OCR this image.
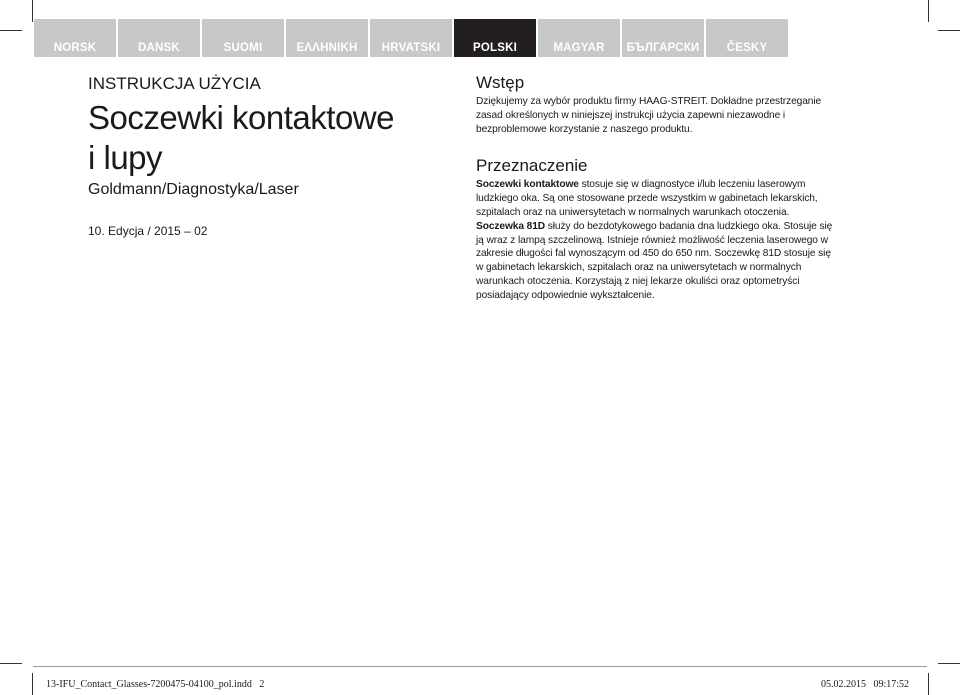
NORSK	DANSK	SUOMI	ΕΛΛΗΝΙΚΗ	HRVATSKI	POLSKI	MAGYAR	БЪЛГАРСКИ	ČESKY

INSTRUKCJA UŻYCIA

Soczewki kontaktowe
i lupy

Goldmann/Diagnostyka/Laser

10. Edycja / 2015 – 02
Wstęp

Dziękujemy za wybór produktu firmy HAAG-STREIT. Dokładne przestrzeganie zasad określonych w niniejszej instrukcji użycia zapewni niezawodne i bezproblemowe korzystanie z naszego produktu.

Przeznaczenie

Soczewki kontaktowe stosuje się w diagnostyce i/lub leczeniu laserowym ludzkiego oka. Są one stosowane przede wszystkim w gabinetach lekarskich, szpitalach oraz na uniwersytetach w normalnych warunkach otoczenia.

Soczewka 81D służy do bezdotykowego badania dna ludzkiego oka. Stosuje się ją wraz z lampą szczelinową. Istnieje również możliwość leczenia laserowego w zakresie długości fal wynoszącym od 450 do 650 nm. Soczewkę 81D stosuje się w gabinetach lekarskich, szpitalach oraz na uniwersytetach w normalnych warunkach otoczenia. Korzystają z niej lekarze okuliści oraz optometryści posiadający odpowiednie wykształcenie.

13-IFU_Contact_Glasses-7200475-04100_pol.indd   2	05.02.2015   09:17:52
